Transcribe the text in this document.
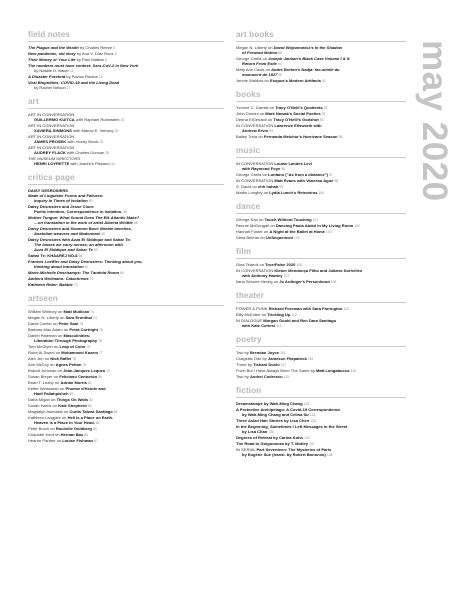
field notes
The Plague and the Wraith by Charles Reeve 6
New pandemic, old story by Ana V. Diaz Rous 8
Their Money or Your Life by Paul Mattick 8
The numbers must have context: Sars-CoV-2 in New York
by Natalie D. Baker 11
A Disaster Foretold by Pavlos Roufos 12
Viral Biopolitics: COVID-19 and the Living Dead
by Rachel Nelson 17
art
ART IN CONVERSATION
GUILLERMO KUITCA with Raphael Rubinstein 20
ART IN CONVERSATION
XAVIERA SIMMONS with Marcia E. Vetrocq 26
ART IN CONVERSATION
JAMES PROSEK with Hovey Brock 32
ART IN CONVERSATION
AUDREY FLACK with Charles Duncan 38
THE MUSEUM DIRECTORS
HENRI LOYRETTE with Joachim Pissarro 44
critics page
DAISY DESROSIERS
Made of Linguistic Forms and Failures:
Inquiry in Times of Isolation 50
Daisy Desrosiers and Jesse Chun:
Poetic Intention, Correspondence in Isolation. 56
Mother Tongue: What Sound Does The Elk Atlantic Make?
—on translation in the work of artist Alberta Whittle 58
Daisy Desrosiers and Shannon Bool: Marble benches,
Anatolian weavers and Madonnas! 60
Daisy Desrosiers with Azza El Siddique and Sahar Te:
The losses we carry across; an afternoon with
Azza El Siddique and Sahar Te 63
Sahar Te: KHAAREJ NO.8 66
Frances Loeffler and Daisy Desrosiers: Thinking about you,
thinking about translation 67
Marie-Michelle Deschamps: The Tarafold Room 69
Ambera Wellmann: Catachresis 71
Kathleen Ritter: Babble 73
artseen
William Whitney on Matt Mullican 74
Megan N. Liberty on Sara Eronthal 74
David Carrier on Peter Saul 75
Barbara Mac Adam on Petra Cortright 75
Daniel Pateman on Masculinities:
Liberation Through Photography 76
Tom McGlynn on Leap of Color 76
Ruba Al-Sweel on Mohammed Kazem 77
Alex Jen on Nick Raffel 78
Ann McCoy on Agnes Pelton 78
Brandt Junceau on Jean-Jacques Lequeu 79
Susan Breyer on Feliciano Centurión 80
Brian T. Leahy on Adrian Morris 81
Ketter Weissman on Phoebe d'Heurle and
Hadi Fallahpisheh 82
Darla Migan on Things On Walls 82
Susan Harris on Kate Shepherd 83
Magdalyn Asimakis on Curtis Talwst Santiago 84
Kathleen Langjahr on Hell is a Place on Earth.
Heaven is a Place in Your Head. 84
Peter Brock on Rochelle Goldberg 85
Charlotte Kent on Hernan Bas 86
Hearne Pardee on Louise Fishman 87
art books
Megan N. Liberty on David Wojnarowicz's In the Shadow
of Forward Motion 88
George Grella on Joseph Jarman's Black Case Volume I & II:
Return From Exile 90
Mary Ann Caws on André Breton's Nadja: fac-similé du
manuscrit de 1927 90
Jennie Waldow on Esopus's Modern Artifacts 91
books
Yvonne C. Garrett on Tracy O'Neill's Quotients 92
John Domini on Mark Nowak's Social Poetics 92
Deena ElGenaidi on Tracy O'Neill's Godshot 93
IN CONVERSATION Lawrence Ellsworth with
Andrew Ervin 93
Bailey Trela on Fernanda Melchor's Hurricane Season 95
music
IN CONVERSATION Louise Landes Levi
with Raymond Foye 96
George Grella on Lontano ("As from a distance") 97
IN CONVERSATION Matt Evans with Vanessa Ague 98
S. David on ehh hahah 99
Martin Longley on Lydia Lunch's Retrovirus 100
dance
George Kan on Touch Without Touching 101
Rennie McDougall on Dancing Paula Abdul in My Living Room 102
Hannah Foster on A Night at the Ballet at Home 103
Sima Belmar on UnSequenced 103
film
Gina Telaroli on True/False 2020 106
IN CONVERSATION Kleber Mendonça Filho and Juliano Dornelles
with Anthony Hawley 107
Ilana Simone Herzig on Jo Ardinger's Personhood 108
theater
POWER & PUNK Richard Foreman with Sara Farrington 110
Billy McEntee on Trickling Up 112
IN DIALOGUE Morgan Gould and Ren Dara Santiago
with Kate Cortesi 113
poetry
Two by Brendan Joyce 116
Craigslist Ode by Jameson Fitzpatrick 116
Three by Tishani Doshi 117
From But I Have Always Been The Same by Matt Longabucco 118
Two by Andrei Codrescu 119
fiction
Dreamstampe by Wah-Ming Chang 120
A Protective Archipelago: A Covid-19 Correspondence
by Wah-Ming Chang and Celina Su 124
Three Asian Hair Stories by Lisa Chen 128
In the Beginning, Sometimes I Left Messages in the Street
by Lisa Chan 136
Degrees of Retreat by Carina Kohn 143
The Road to Golgonooza by T. Motley 147
IN SERIAL Part Seventeen: The Mysteries of Paris
by Eugène Sue (transl. by Robert Bononno) 148
may 2020
